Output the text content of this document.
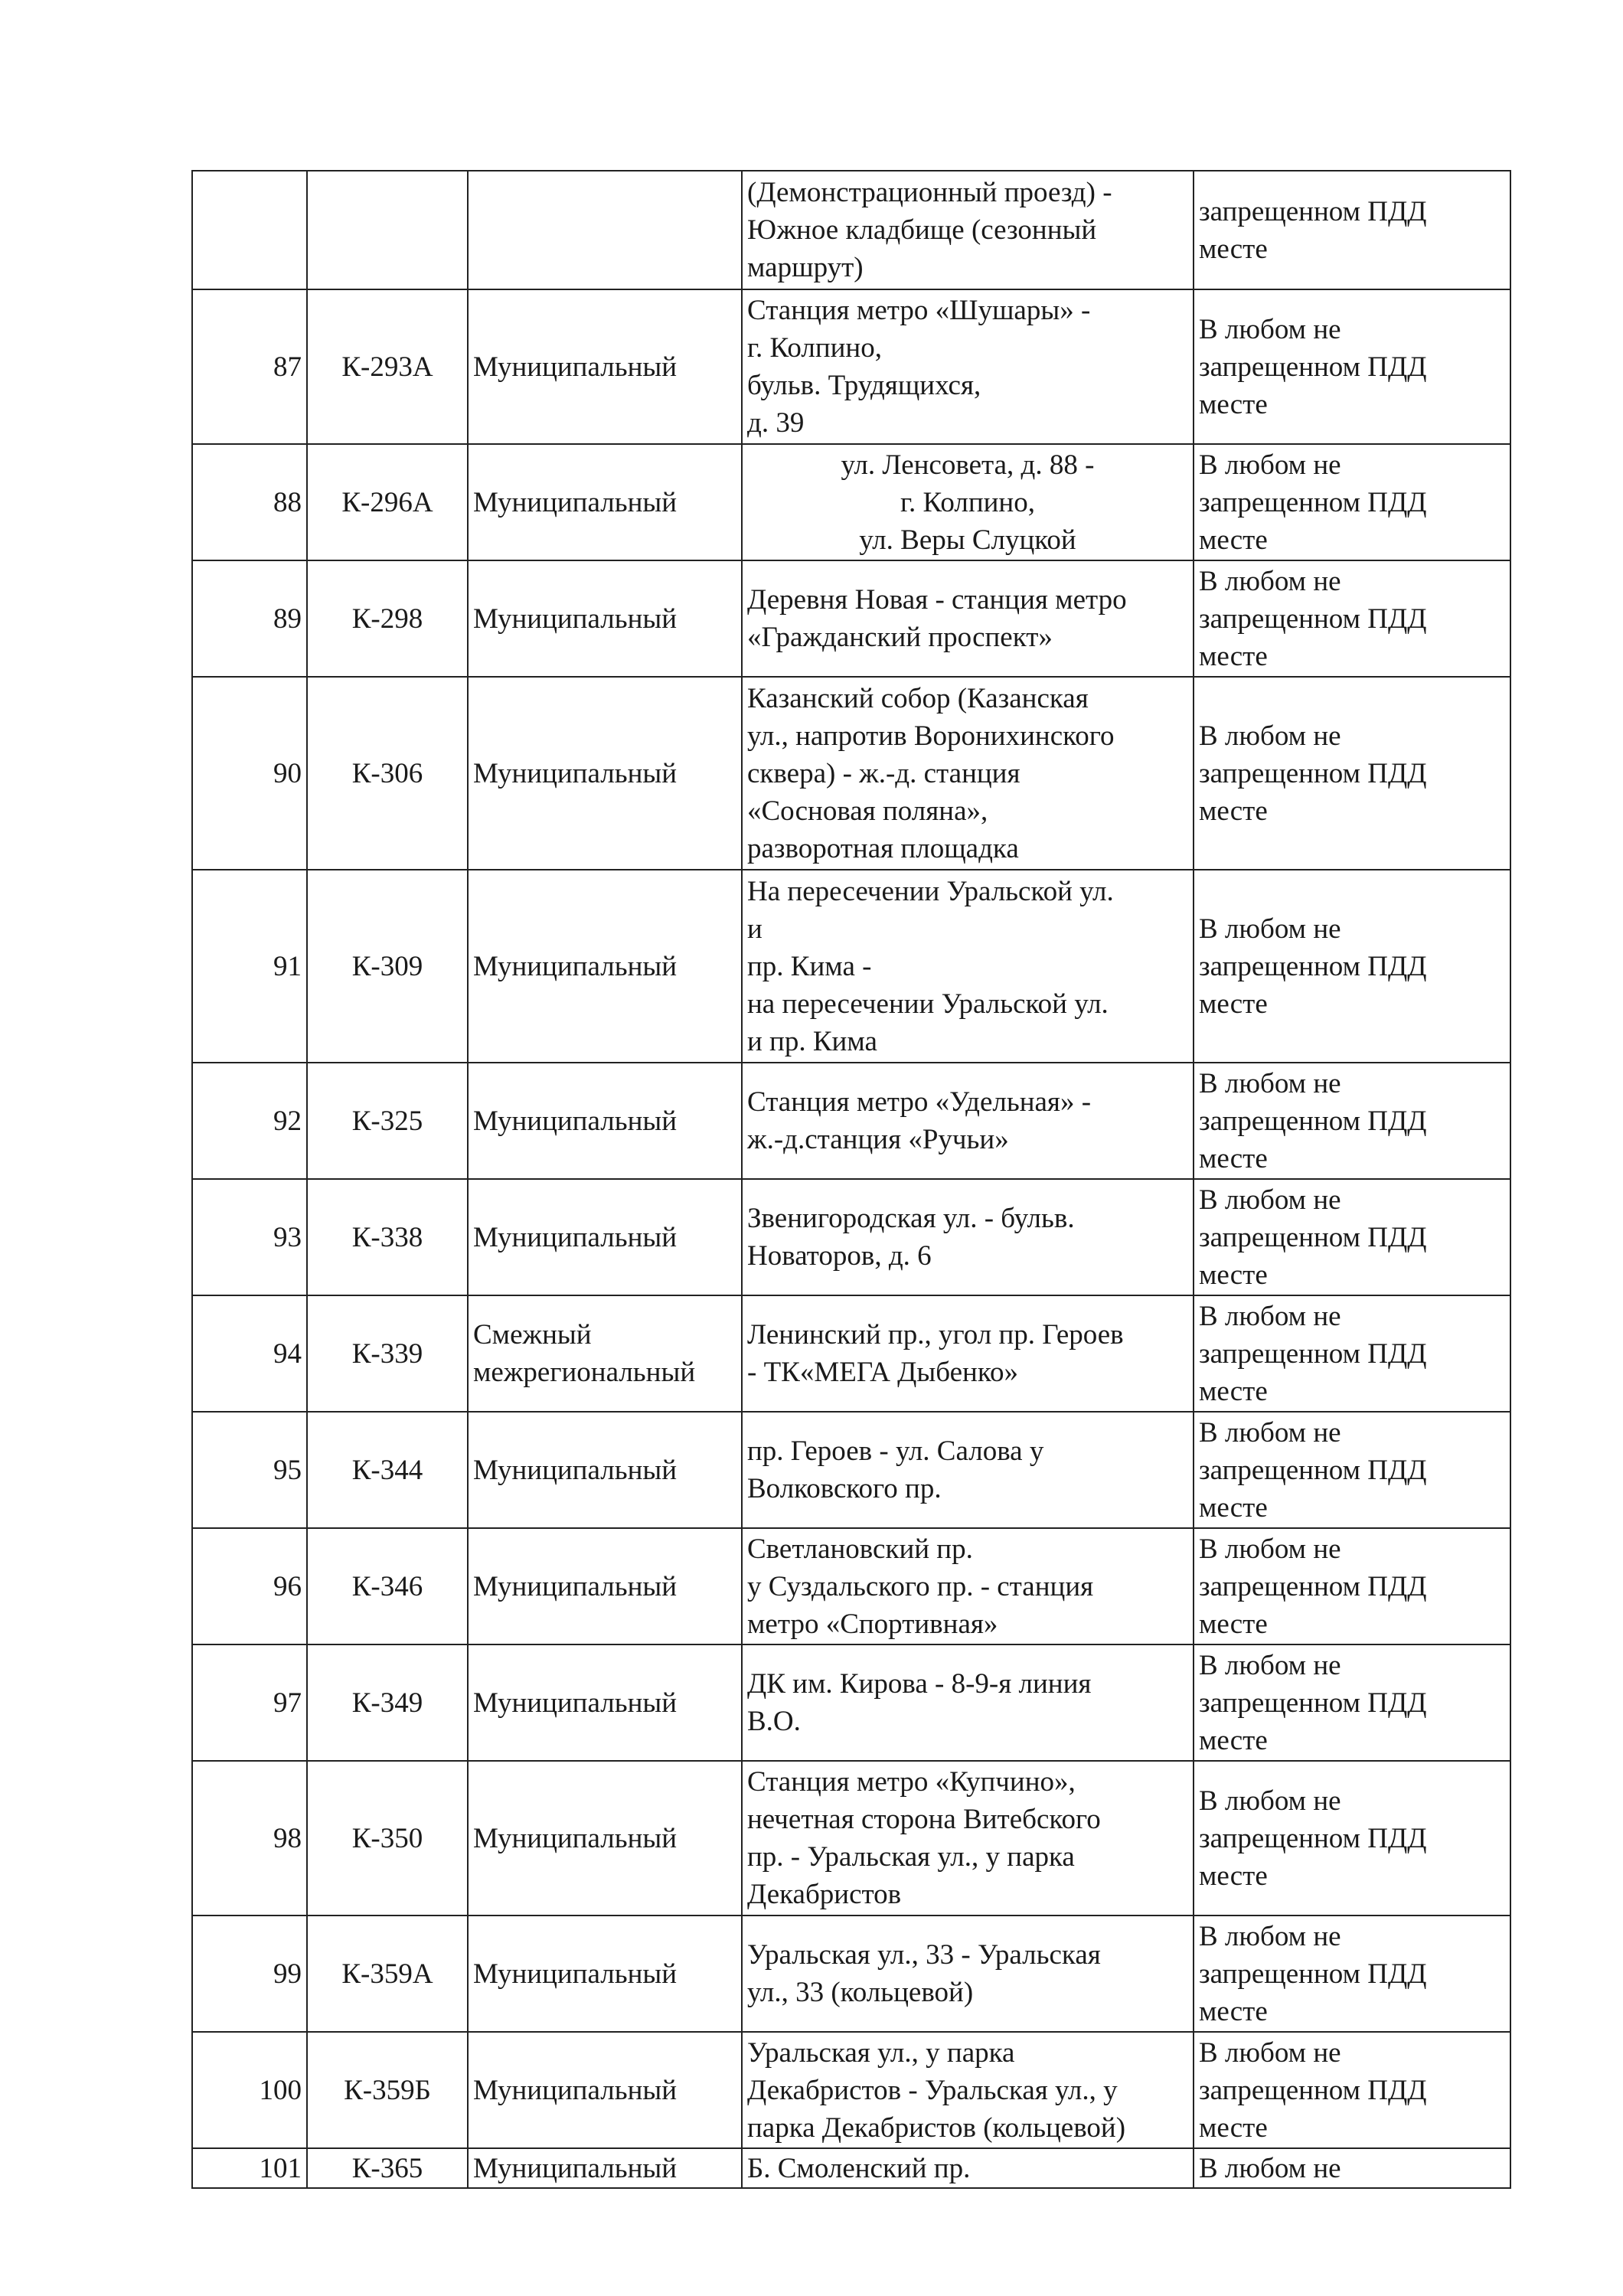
			(Демонстрационный проезд) -
Южное кладбище (сезонный
маршрут)	запрещенном ПДД
месте

87	К-293А	Муниципальный	Станция метро «Шушары» -
г. Колпино,
бульв. Трудящихся,
д. 39	В любом не
запрещенном ПДД
месте

88	К-296А	Муниципальный	ул. Ленсовета, д. 88 -
г. Колпино,
ул. Веры Слуцкой	В любом не
запрещенном ПДД
месте

89	К-298	Муниципальный	Деревня Новая - станция метро
«Гражданский проспект»	В любом не
запрещенном ПДД
месте

90	К-306	Муниципальный	Казанский собор (Казанская
ул., напротив Воронихинского
сквера) - ж.-д. станция
«Сосновая поляна»,
разворотная площадка	В любом не
запрещенном ПДД
месте

91	К-309	Муниципальный	На пересечении Уральской ул.
и
пр. Кима -
на пересечении Уральской ул.
и пр. Кима	В любом не
запрещенном ПДД
месте

92	К-325	Муниципальный	Станция метро «Удельная» -
ж.-д.станция «Ручьи»	В любом не
запрещенном ПДД
месте

93	К-338	Муниципальный	Звенигородская ул. - бульв.
Новаторов, д. 6	В любом не
запрещенном ПДД
месте

94	К-339	Смежный
межрегиональный	Ленинский пр., угол пр. Героев
- ТК«МЕГА Дыбенко»	В любом не
запрещенном ПДД
месте

95	К-344	Муниципальный	пр. Героев - ул. Салова у
Волковского пр.	В любом не
запрещенном ПДД
месте

96	К-346	Муниципальный	Светлановский пр.
у Суздальского пр. - станция
метро «Спортивная»	В любом не
запрещенном ПДД
месте

97	К-349	Муниципальный	ДК им. Кирова - 8-9-я линия
В.О.	В любом не
запрещенном ПДД
месте

98	К-350	Муниципальный	Станция метро «Купчино»,
нечетная сторона Витебского
пр. - Уральская ул., у парка
Декабристов	В любом не
запрещенном ПДД
месте

99	К-359А	Муниципальный	Уральская ул., 33 - Уральская
ул., 33 (кольцевой)	В любом не
запрещенном ПДД
месте

100	К-359Б	Муниципальный	Уральская ул., у парка
Декабристов - Уральская ул., у
парка Декабристов (кольцевой)	В любом не
запрещенном ПДД
месте

101	К-365	Муниципальный	Б. Смоленский пр.	В любом не
